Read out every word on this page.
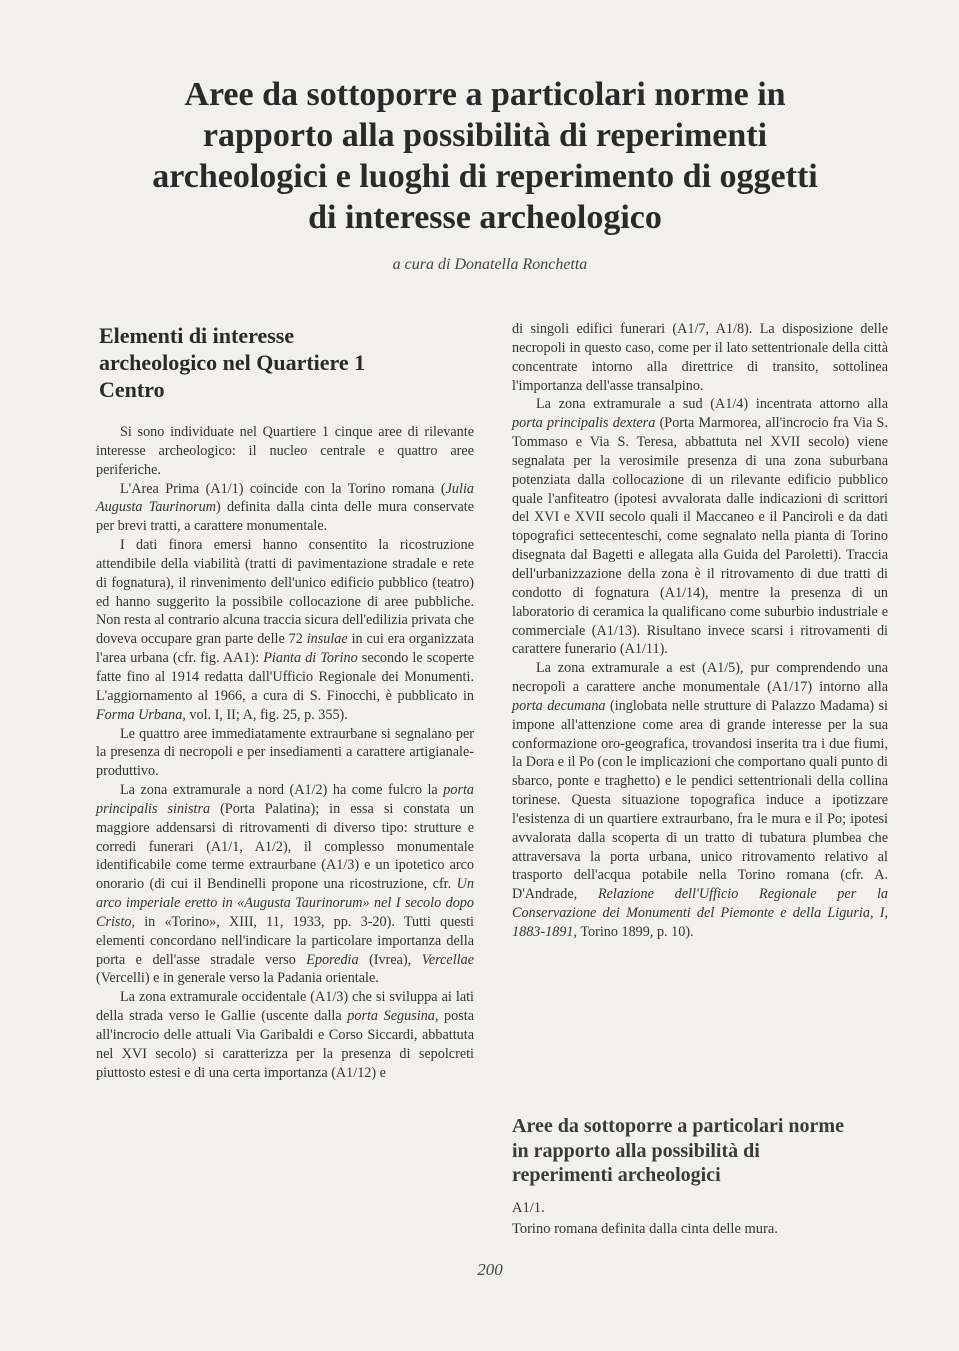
Aree da sottoporre a particolari norme in
rapporto alla possibilità di reperimenti
archeologici e luoghi di reperimento di oggetti
di interesse archeologico

a cura di Donatella Ronchetta

Elementi di interesse
archeologico nel Quartiere 1
Centro

Si sono individuate nel Quartiere 1 cinque aree di rilevante interesse archeologico: il nucleo centrale e quattro aree periferiche.

L'Area Prima (A1/1) coincide con la Torino romana (Julia Augusta Taurinorum) definita dalla cinta delle mura conservate per brevi tratti, a carattere monumentale.

I dati finora emersi hanno consentito la ricostruzione attendibile della viabilità (tratti di pavimentazione stradale e rete di fognatura), il rinvenimento dell'unico edificio pubblico (teatro) ed hanno suggerito la possibile collocazione di aree pubbliche. Non resta al contrario alcuna traccia sicura dell'edilizia privata che doveva occupare gran parte delle 72 insulae in cui era organizzata l'area urbana (cfr. fig. AA1): Pianta di Torino secondo le scoperte fatte fino al 1914 redatta dall'Ufficio Regionale dei Monumenti. L'aggiornamento al 1966, a cura di S. Finocchi, è pubblicato in Forma Urbana, vol. I, II; A, fig. 25, p. 355).

Le quattro aree immediatamente extraurbane si segnalano per la presenza di necropoli e per insediamenti a carattere artigianale-produttivo.

La zona extramurale a nord (A1/2) ha come fulcro la porta principalis sinistra (Porta Palatina); in essa si constata un maggiore addensarsi di ritrovamenti di diverso tipo: strutture e corredi funerari (A1/1, A1/2), il complesso monumentale identificabile come terme extraurbane (A1/3) e un ipotetico arco onorario (di cui il Bendinelli propone una ricostruzione, cfr. Un arco imperiale eretto in «Augusta Taurinorum» nel I secolo dopo Cristo, in «Torino», XIII, 11, 1933, pp. 3-20). Tutti questi elementi concordano nell'indicare la particolare importanza della porta e dell'asse stradale verso Eporedia (Ivrea), Vercellae (Vercelli) e in generale verso la Padania orientale.

La zona extramurale occidentale (A1/3) che si sviluppa ai lati della strada verso le Gallie (uscente dalla porta Segusina, posta all'incrocio delle attuali Via Garibaldi e Corso Siccardi, abbattuta nel XVI secolo) si caratterizza per la presenza di sepolcreti piuttosto estesi e di una certa importanza (A1/12) e

di singoli edifici funerari (A1/7, A1/8). La disposizione delle necropoli in questo caso, come per il lato settentrionale della città concentrate intorno alla direttrice di transito, sottolinea l'importanza dell'asse transalpino.

La zona extramurale a sud (A1/4) incentrata attorno alla porta principalis dextera (Porta Marmorea, all'incrocio fra Via S. Tommaso e Via S. Teresa, abbattuta nel XVII secolo) viene segnalata per la verosimile presenza di una zona suburbana potenziata dalla collocazione di un rilevante edificio pubblico quale l'anfiteatro (ipotesi avvalorata dalle indicazioni di scrittori del XVI e XVII secolo quali il Maccaneo e il Panciroli e da dati topografici settecenteschi, come segnalato nella pianta di Torino disegnata dal Bagetti e allegata alla Guida del Paroletti). Traccia dell'urbanizzazione della zona è il ritrovamento di due tratti di condotto di fognatura (A1/14), mentre la presenza di un laboratorio di ceramica la qualificano come suburbio industriale e commerciale (A1/13). Risultano invece scarsi i ritrovamenti di carattere funerario (A1/11).

La zona extramurale a est (A1/5), pur comprendendo una necropoli a carattere anche monumentale (A1/17) intorno alla porta decumana (inglobata nelle strutture di Palazzo Madama) si impone all'attenzione come area di grande interesse per la sua conformazione oro-geografica, trovandosi inserita tra i due fiumi, la Dora e il Po (con le implicazioni che comportano quali punto di sbarco, ponte e traghetto) e le pendici settentrionali della collina torinese. Questa situazione topografica induce a ipotizzare l'esistenza di un quartiere extraurbano, fra le mura e il Po; ipotesi avvalorata dalla scoperta di un tratto di tubatura plumbea che attraversava la porta urbana, unico ritrovamento relativo al trasporto dell'acqua potabile nella Torino romana (cfr. A. D'Andrade, Relazione dell'Ufficio Regionale per la Conservazione dei Monumenti del Piemonte e della Liguria, I, 1883-1891, Torino 1899, p. 10).

Aree da sottoporre a particolari norme
in rapporto alla possibilità di
reperimenti archeologici

A1/1.

Torino romana definita dalla cinta delle mura.

200
